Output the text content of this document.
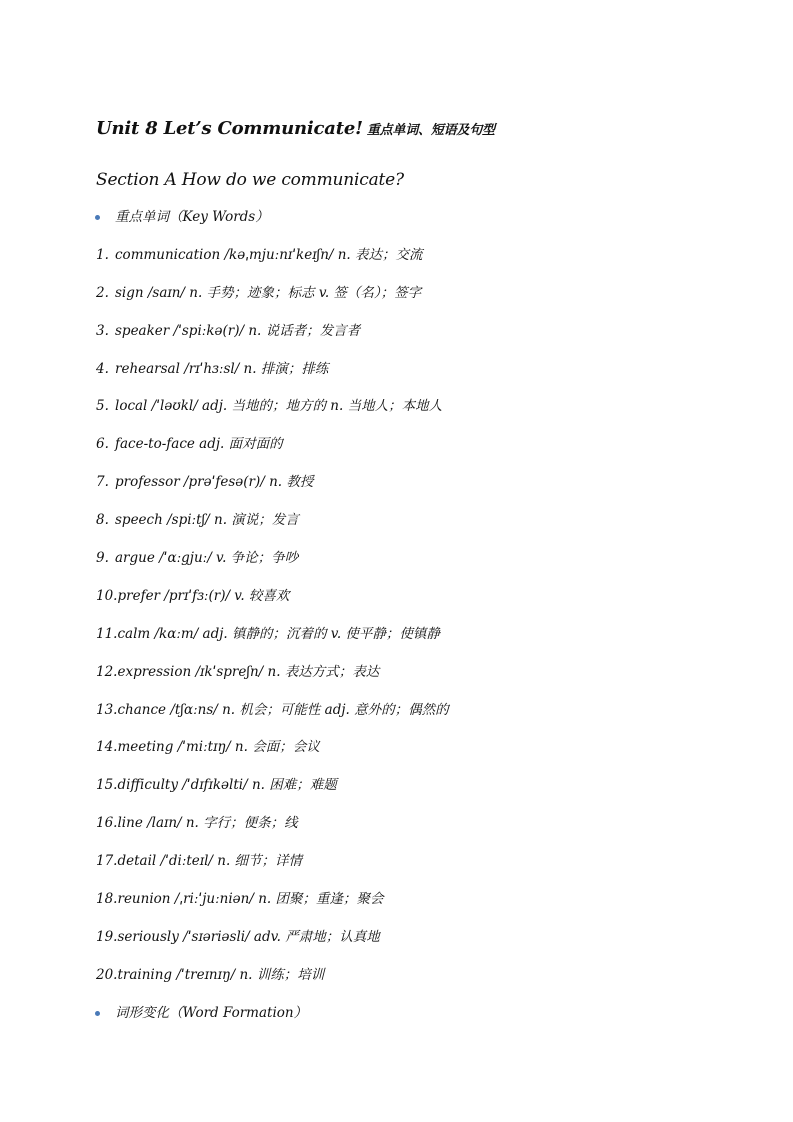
Unit 8 Let’s Communicate! 重点单词、短语及句型
Section A How do we communicate?
重点单词（Key Words）
1. communication /kəˌmjuːnɪˈkeɪʃn/ n. 表达；交流
2. sign /saɪn/ n. 手势；迹象；标志 v. 签（名）；签字
3. speaker /ˈspiːkə(r)/ n. 说话者；发言者
4. rehearsal /rɪˈhɜːsl/ n. 排演；排练
5. local /ˈləʊkl/ adj. 当地的；地方的 n. 当地人；本地人
6. face-to-face adj. 面对面的
7. professor /prəˈfesə(r)/ n. 教授
8. speech /spiːtʃ/ n. 演说；发言
9. argue /ˈɑːgjuː/ v. 争论；争吵
10.prefer /prɪˈfɜː(r)/ v. 较喜欢
11.calm /kɑːm/ adj. 镇静的；沉着的 v. 使平静；使镇静
12.expression /ɪkˈspreʃn/ n. 表达方式；表达
13.chance /tʃɑːns/ n. 机会；可能性 adj. 意外的；偶然的
14.meeting /ˈmiːtɪŋ/ n. 会面；会议
15.difficulty /ˈdɪfɪkəlti/ n. 困难；难题
16.line /laɪn/ n. 字行；便条；线
17.detail /ˈdiːteɪl/ n. 细节；详情
18.reunion /ˌriːˈjuːniən/ n. 团聚；重逢；聚会
19.seriously /ˈsɪəriəsli/ adv. 严肃地；认真地
20.training /ˈtreɪnɪŋ/ n. 训练；培训
词形变化（Word Formation）
